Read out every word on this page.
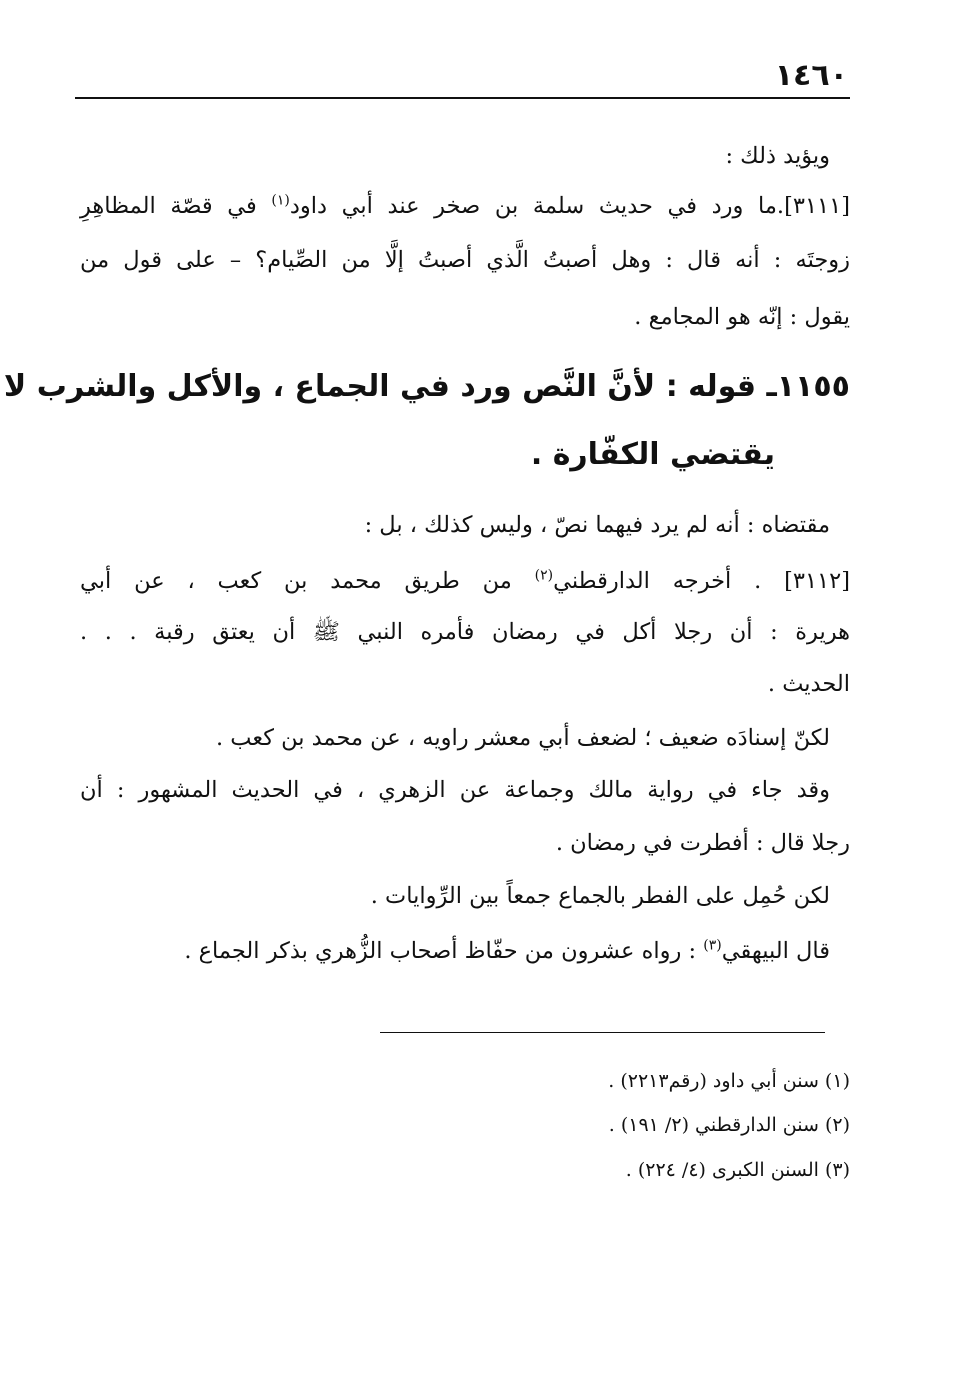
١٤٦٠
ويؤيد ذلك :
[٣١١١].ما ورد في حديث سلمة بن صخر عند أبي داود$^{(١)}$ في قصّة المظاهِرِ
زوجتَه : أنه قال : وهل أصبتُ الَّذي أصبتُ إلَّا من الصِّيام؟ – على قول من
يقول : إنّه هو المجامع .
١١٥٥ـ قوله : لأنَّ النَّص ورد في الجماع ، والأكل والشرب لا
يقتضي الكفّارة .
مقتضاه : أنه لم يرد فيهما نصّ ، وليس كذلك ، بل :
[٣١١٢] . أخرجه الدارقطني$^{(٢)}$ من طريق محمد بن كعب ، عن أبي
هريرة : أن رجلا أكل في رمضان فأمره النبي ﷺ أن يعتق رقبة . . .
الحديث .
لكنّ إسنادَه ضعيف ؛ لضعف أبي معشر راويه ، عن محمد بن كعب .
وقد جاء في رواية مالك وجماعة عن الزهري ، في الحديث المشهور : أن
رجلا قال : أفطرت في رمضان .
لكن حُمِل على الفطر بالجماع جمعاً بين الرِّوايات .
قال البيهقي$^{(٣)}$ : رواه عشرون من حفّاظ أصحاب الزُّهري بذكر الجماع .
(١) سنن أبي داود (رقم٢٢١٣) .
(٢) سنن الدارقطني (٢/ ١٩١) .
(٣) السنن الكبرى (٤/ ٢٢٤) .
